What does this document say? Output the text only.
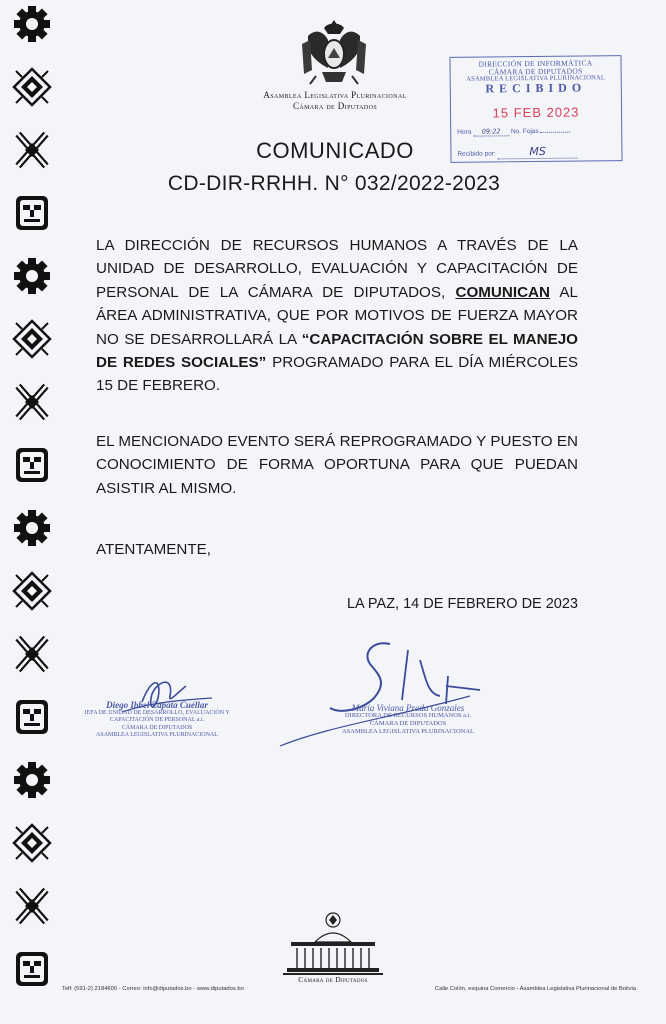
Asamblea Legislativa Plurinacional
Cámara de Diputados
DIRECCIÓN DE INFORMÁTICA
CÁMARA DE DIPUTADOS
ASAMBLEA LEGISLATIVA PLURINACIONAL
RECIBIDO
15 FEB 2023
Hora 09:22 No. Fojas
Recibido por:	MS
COMUNICADO
CD-DIR-RRHH. N° 032/2022-2023
LA DIRECCIÓN DE RECURSOS HUMANOS A TRAVÉS DE LA UNIDAD DE DESARROLLO, EVALUACIÓN Y CAPACITACIÓN DE PERSONAL DE LA CÁMARA DE DIPUTADOS, COMUNICAN AL ÁREA ADMINISTRATIVA, QUE POR MOTIVOS DE FUERZA MAYOR NO SE DESARROLLARÁ LA “CAPACITACIÓN SOBRE EL MANEJO DE REDES SOCIALES” PROGRAMADO PARA EL DÍA MIÉRCOLES 15 DE FEBRERO.
EL MENCIONADO EVENTO SERÁ REPROGRAMADO Y PUESTO EN CONOCIMIENTO DE FORMA OPORTUNA PARA QUE PUEDAN ASISTIR AL MISMO.
ATENTAMENTE,
LA PAZ, 14 DE FEBRERO DE 2023
Diego Ibbel Zapata Cuéllar
JEFA DE UNIDAD DE DESARROLLO, EVALUACIÓN Y
CAPACITACIÓN DE PERSONAL a.i.
CÁMARA DE DIPUTADOS
ASAMBLEA LEGISLATIVA PLURINACIONAL
María Viviana Prada Gonzales
DIRECTORA DE RECURSOS HUMANOS a.i.
CÁMARA DE DIPUTADOS
ASAMBLEA LEGISLATIVA PLURINACIONAL
Cámara de Diputados
Telf: (591-2) 2184600 - Correo: info@diputados.bo - www.diputados.bo	Calle Colón, esquina Comercio - Asamblea Legislativa Plurinacional de Bolivia
